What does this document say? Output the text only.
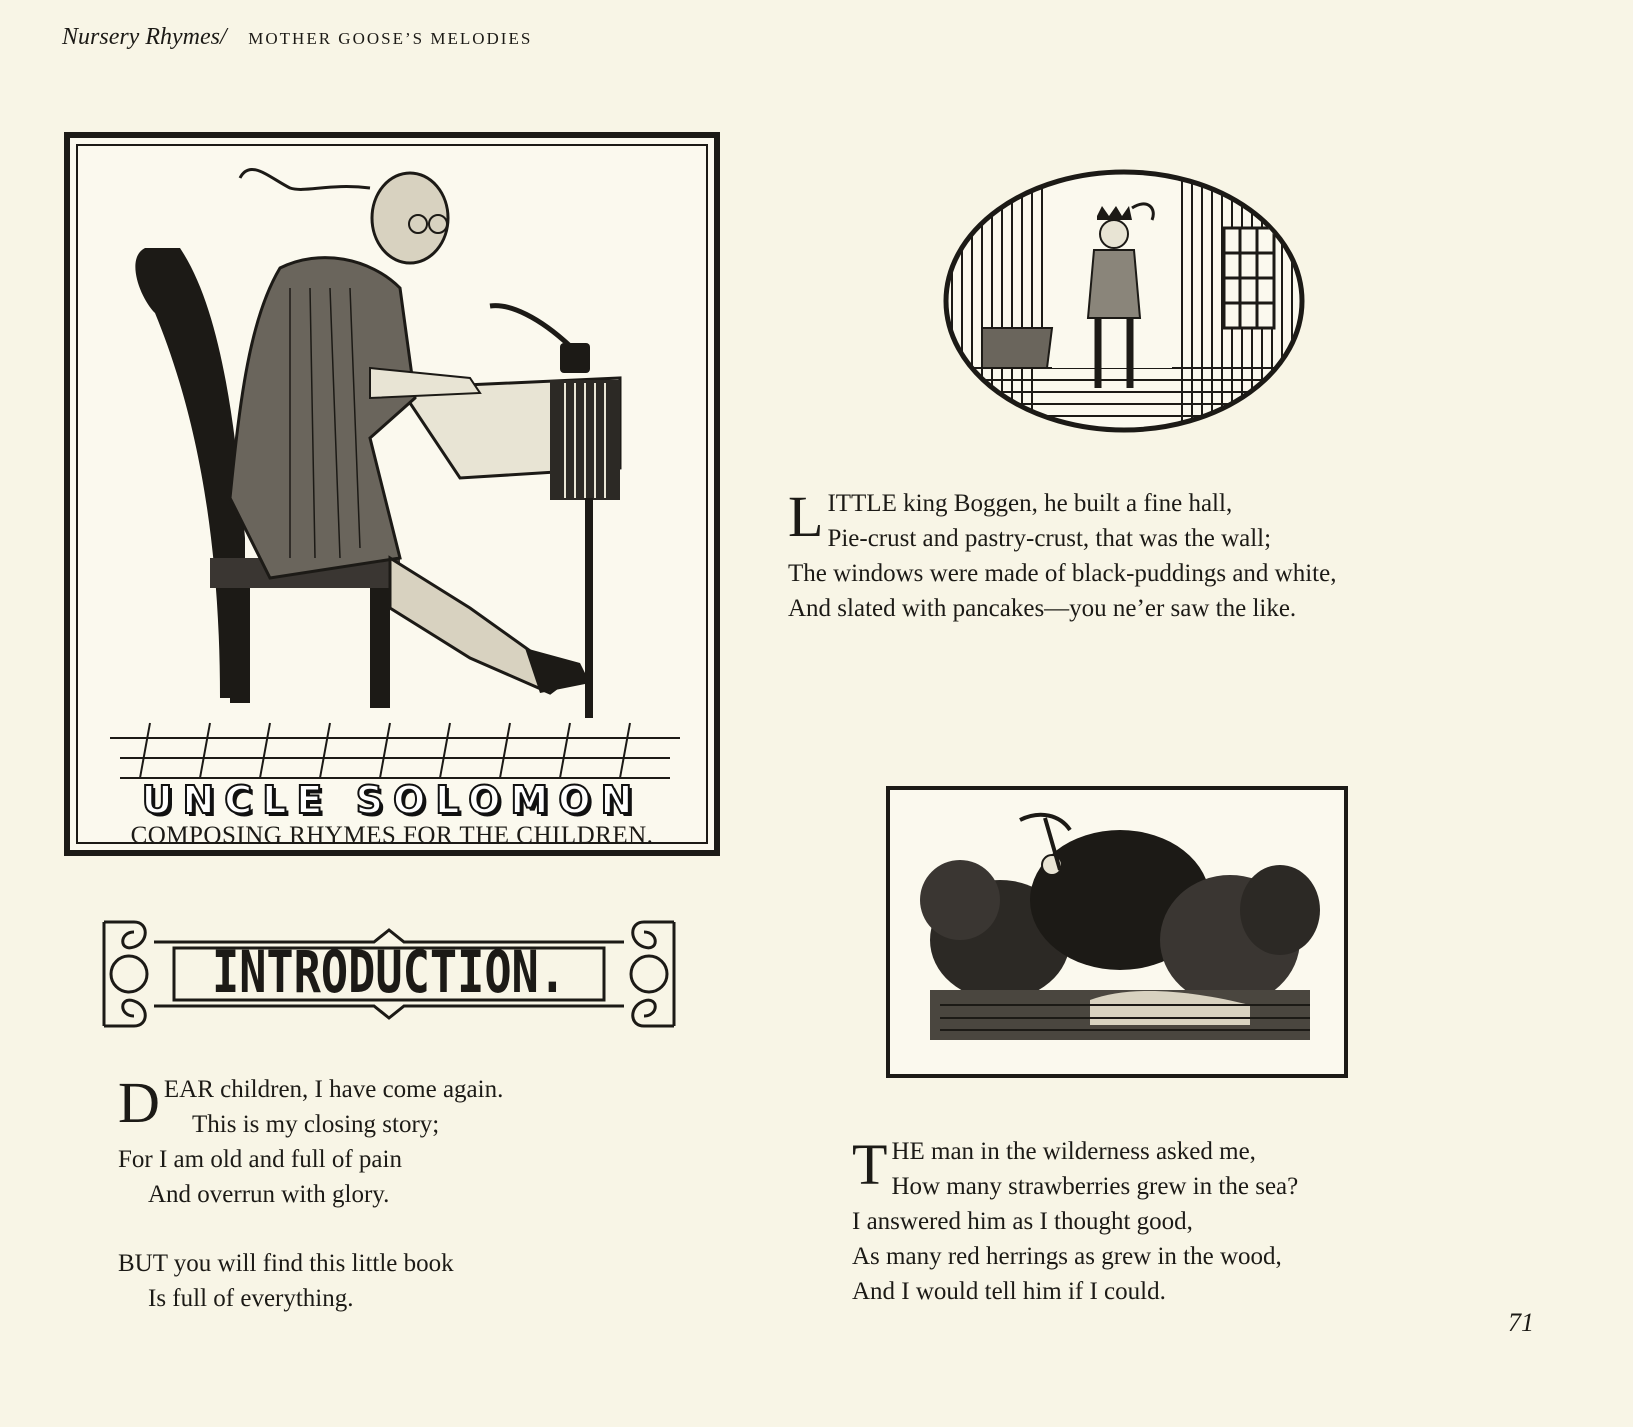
Nursery Rhymes/ MOTHER GOOSE’S MELODIES
UNCLE SOLOMON
COMPOSING RHYMES FOR THE CHILDREN.
INTRODUCTION.
D EAR children, I have come again.
This is my closing story;
For I am old and full of pain
And overrun with glory.
BUT you will find this little book
Is full of everything.
L ITTLE king Boggen, he built a fine hall,
Pie-crust and pastry-crust, that was the wall;
The windows were made of black-puddings and white,
And slated with pancakes—you ne’er saw the like.
T HE man in the wilderness asked me,
How many strawberries grew in the sea?
I answered him as I thought good,
As many red herrings as grew in the wood,
And I would tell him if I could.
71
